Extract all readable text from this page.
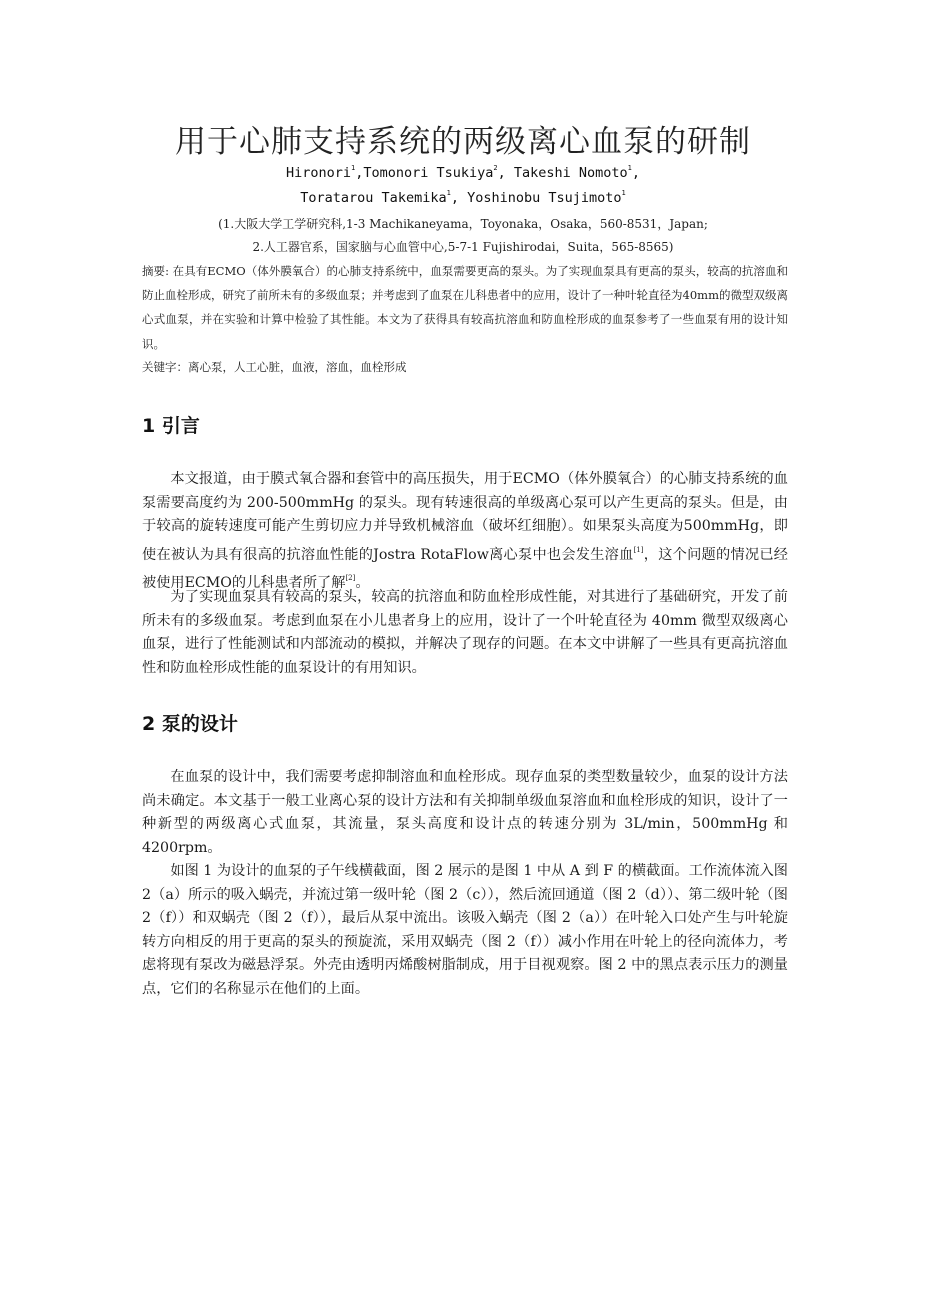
用于心肺支持系统的两级离心血泵的研制
Hironori$^1$,Tomonori Tsukiya$^2$, Takeshi Nomoto$^1$,
Toratarou Takemika$^1$, Yoshinobu Tsujimoto$^1$
(1.大阪大学工学研究科,1-3 Machikaneyama，Toyonaka，Osaka，560-8531，Japan;
2.人工器官系，国家脑与心血管中心,5-7-1 Fujishirodai，Suita，565-8565)
摘要: 在具有ECMO（体外膜氧合）的心肺支持系统中，血泵需要更高的泵头。为了实现血泵具有更高的泵头，较高的抗溶血和防止血栓形成，研究了前所未有的多级血泵；并考虑到了血泵在儿科患者中的应用，设计了一种叶轮直径为40mm的微型双级离心式血泵，并在实验和计算中检验了其性能。本文为了获得具有较高抗溶血和防血栓形成的血泵参考了一些血泵有用的设计知识。
关键字：离心泵，人工心脏，血液，溶血，血栓形成
1 引言

本文报道，由于膜式氧合器和套管中的高压损失，用于ECMO（体外膜氧合）的心肺支持系统的血泵需要高度约为 200-500mmHg 的泵头。现有转速很高的单级离心泵可以产生更高的泵头。但是，由于较高的旋转速度可能产生剪切应力并导致机械溶血（破坏红细胞）。如果泵头高度为500mmHg，即使在被认为具有很高的抗溶血性能的Jostra RotaFlow离心泵中也会发生溶血[1]，这个问题的情况已经被使用ECMO的儿科患者所了解[2]。

为了实现血泵具有较高的泵头，较高的抗溶血和防血栓形成性能，对其进行了基础研究，开发了前所未有的多级血泵。考虑到血泵在小儿患者身上的应用，设计了一个叶轮直径为 40mm 微型双级离心血泵，进行了性能测试和内部流动的模拟，并解决了现存的问题。在本文中讲解了一些具有更高抗溶血性和防血栓形成性能的血泵设计的有用知识。

2 泵的设计

在血泵的设计中，我们需要考虑抑制溶血和血栓形成。现存血泵的类型数量较少，血泵的设计方法尚未确定。本文基于一般工业离心泵的设计方法和有关抑制单级血泵溶血和血栓形成的知识，设计了一种新型的两级离心式血泵，其流量，泵头高度和设计点的转速分别为 3L/min，500mmHg 和 4200rpm。

如图 1 为设计的血泵的子午线横截面，图 2 展示的是图 1 中从 A 到 F 的横截面。工作流体流入图 2（a）所示的吸入蜗壳，并流过第一级叶轮（图 2（c）），然后流回通道（图 2（d））、第二级叶轮（图 2（f））和双蜗壳（图 2（f）），最后从泵中流出。该吸入蜗壳（图 2（a））在叶轮入口处产生与叶轮旋转方向相反的用于更高的泵头的预旋流，采用双蜗壳（图 2（f））减小作用在叶轮上的径向流体力，考虑将现有泵改为磁悬浮泵。外壳由透明丙烯酸树脂制成，用于目视观察。图 2 中的黑点表示压力的测量点，它们的名称显示在他们的上面。
